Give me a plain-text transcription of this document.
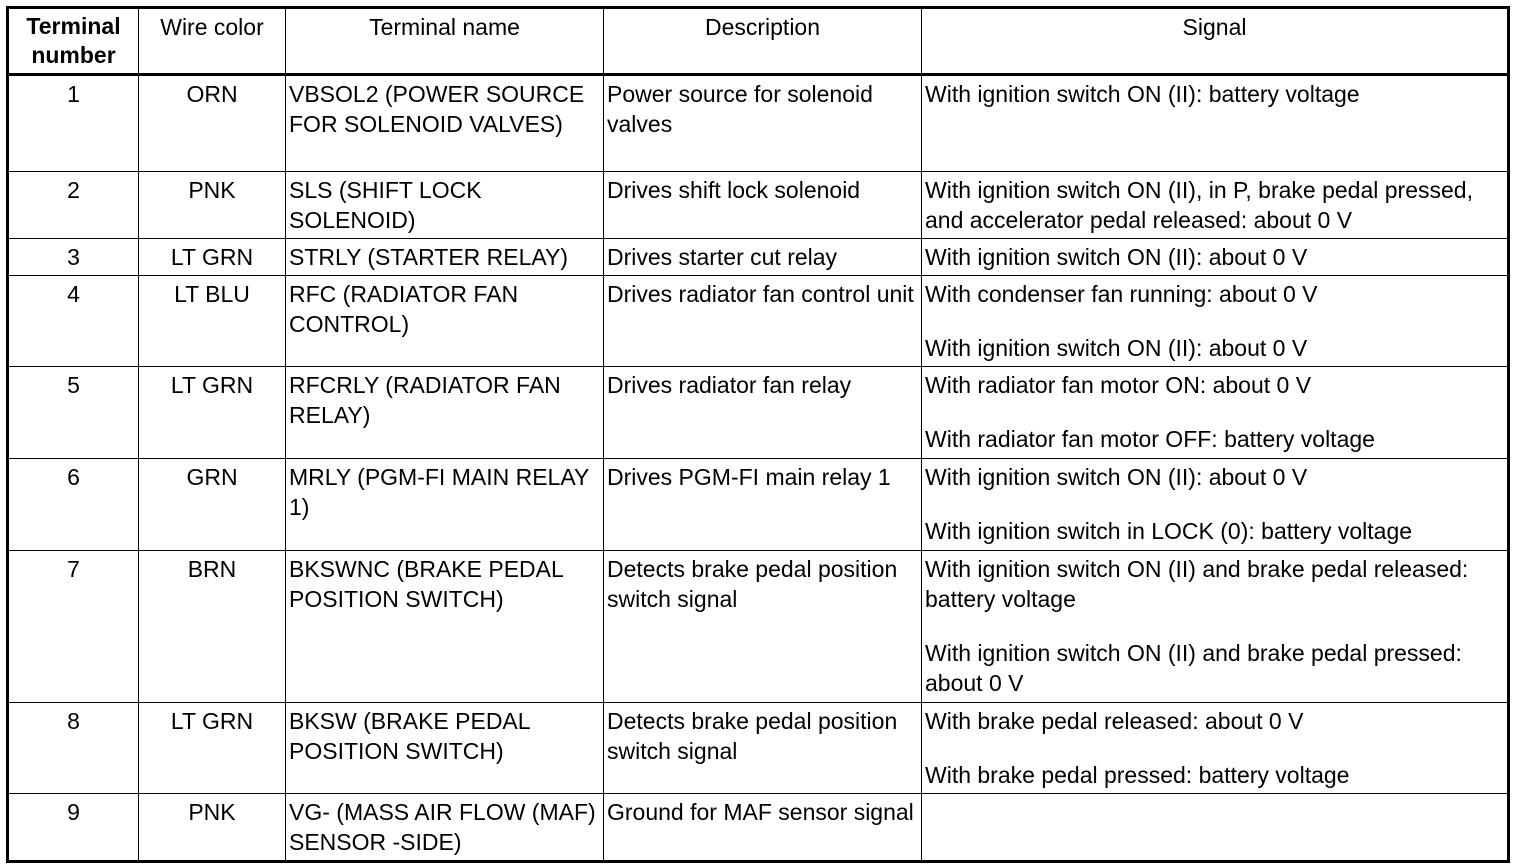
Terminal number	Wire color	Terminal name	Description	Signal
1	ORN	VBSOL2 (POWER SOURCE FOR SOLENOID VALVES)	Power source for solenoid valves	With ignition switch ON (II): battery voltage

2	PNK	SLS (SHIFT LOCK SOLENOID)	Drives shift lock solenoid	With ignition switch ON (II), in P, brake pedal pressed, and accelerator pedal released: about 0 V

3	LT GRN	STRLY (STARTER RELAY)	Drives starter cut relay	With ignition switch ON (II): about 0 V

4	LT BLU	RFC (RADIATOR FAN CONTROL)	Drives radiator fan control unit	With condenser fan running: about 0 V
With ignition switch ON (II): about 0 V

5	LT GRN	RFCRLY (RADIATOR FAN RELAY)	Drives radiator fan relay	With radiator fan motor ON: about 0 V
With radiator fan motor OFF: battery voltage

6	GRN	MRLY (PGM-FI MAIN RELAY 1)	Drives PGM-FI main relay 1	With ignition switch ON (II): about 0 V
With ignition switch in LOCK (0): battery voltage

7	BRN	BKSWNC (BRAKE PEDAL POSITION SWITCH)	Detects brake pedal position switch signal	With ignition switch ON (II) and brake pedal released: battery voltage
With ignition switch ON (II) and brake pedal pressed: about 0 V

8	LT GRN	BKSW (BRAKE PEDAL POSITION SWITCH)	Detects brake pedal position switch signal	With brake pedal released: about 0 V
With brake pedal pressed: battery voltage

9	PNK	VG- (MASS AIR FLOW (MAF) SENSOR -SIDE)	Ground for MAF sensor signal	
